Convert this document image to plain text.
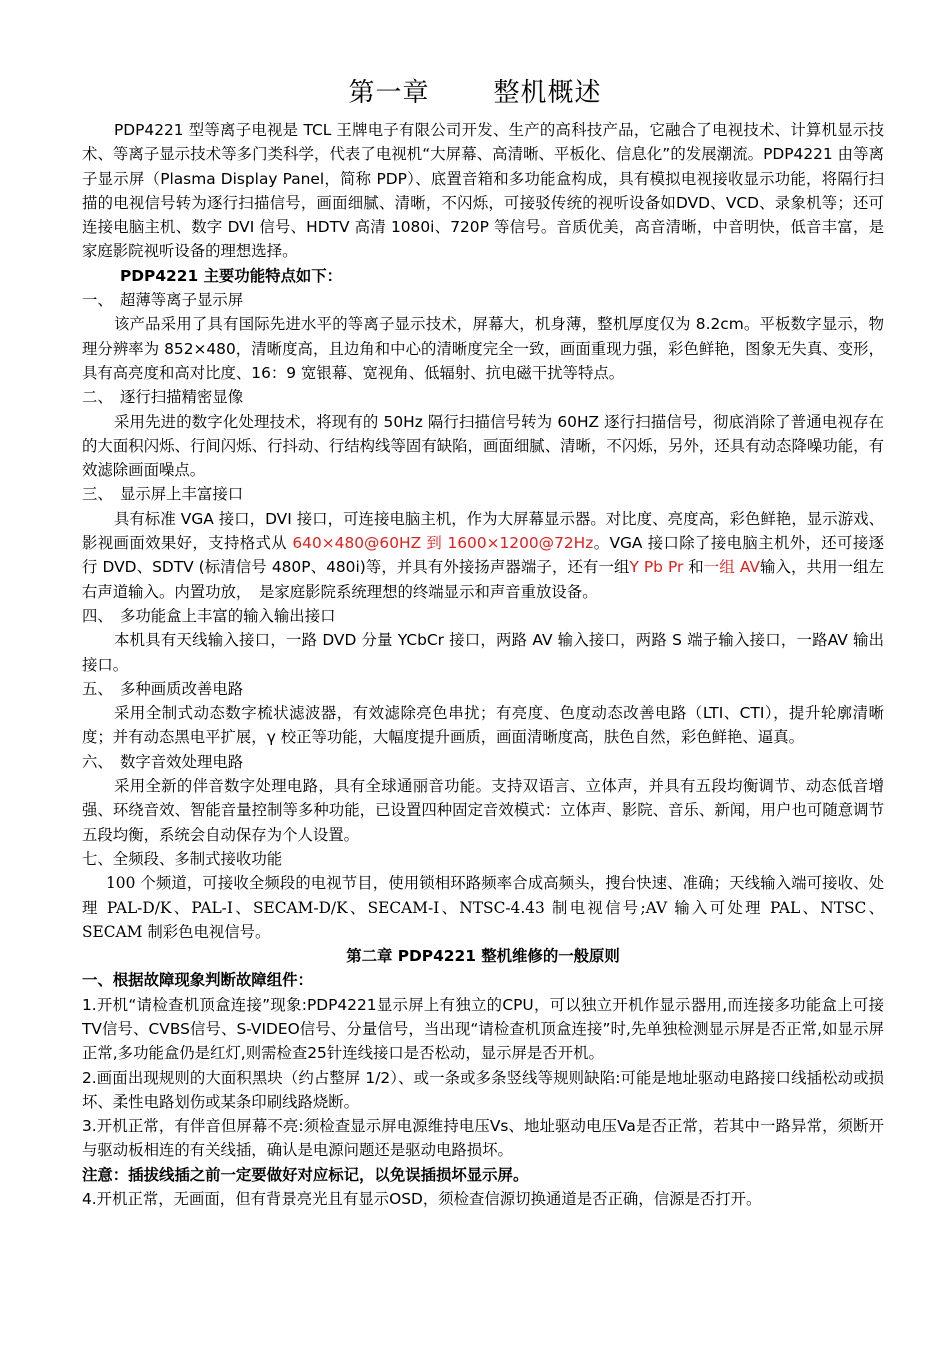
第一章 整机概述

PDP4221 型等离子电视是 TCL 王牌电子有限公司开发、生产的高科技产品，它融合了电视技术、计算机显示技术、等离子显示技术等多门类科学，代表了电视机“大屏幕、高清晰、平板化、信息化”的发展潮流。PDP4221 由等离子显示屏（Plasma Display Panel，简称 PDP）、底置音箱和多功能盒构成，具有模拟电视接收显示功能，将隔行扫描的电视信号转为逐行扫描信号，画面细腻、清晰，不闪烁，可接驳传统的视听设备如DVD、VCD、录象机等；还可连接电脑主机、数字 DVI 信号、HDTV 高清 1080i、720P 等信号。音质优美，高音清晰，中音明快，低音丰富，是家庭影院视听设备的理想选择。

PDP4221 主要功能特点如下：

一、 超薄等离子显示屏

该产品采用了具有国际先进水平的等离子显示技术，屏幕大，机身薄，整机厚度仅为 8.2cm。平板数字显示，物理分辨率为 852×480，清晰度高，且边角和中心的清晰度完全一致，画面重现力强，彩色鲜艳，图象无失真、变形，具有高亮度和高对比度、16：9 宽银幕、宽视角、低辐射、抗电磁干扰等特点。

二、 逐行扫描精密显像

采用先进的数字化处理技术，将现有的 50Hz 隔行扫描信号转为 60HZ 逐行扫描信号，彻底消除了普通电视存在的大面积闪烁、行间闪烁、行抖动、行结构线等固有缺陷，画面细腻、清晰，不闪烁，另外，还具有动态降噪功能，有效滤除画面噪点。

三、 显示屏上丰富接口

具有标准 VGA 接口，DVI 接口，可连接电脑主机，作为大屏幕显示器。对比度、亮度高，彩色鲜艳，显示游戏、影视画面效果好，支持格式从 640×480@60HZ 到 1600×1200@72Hz。VGA 接口除了接电脑主机外，还可接逐行 DVD、SDTV (标清信号 480P、480i)等，并具有外接扬声器端子，还有一组Y Pb Pr 和一组 AV输入，共用一组左右声道输入。内置功放，　是家庭影院系统理想的终端显示和声音重放设备。

四、 多功能盒上丰富的输入输出接口

本机具有天线输入接口，一路 DVD 分量 YCbCr 接口，两路 AV 输入接口，两路 S 端子输入接口，一路AV 输出接口。

五、 多种画质改善电路

采用全制式动态数字梳状滤波器，有效滤除亮色串扰；有亮度、色度动态改善电路（LTI、CTI），提升轮廓清晰度；并有动态黑电平扩展，γ 校正等功能，大幅度提升画质，画面清晰度高，肤色自然，彩色鲜艳、逼真。

六、 数字音效处理电路

采用全新的伴音数字处理电路，具有全球通丽音功能。支持双语言、立体声，并具有五段均衡调节、动态低音增强、环绕音效、智能音量控制等多种功能，已设置四种固定音效模式：立体声、影院、音乐、新闻，用户也可随意调节五段均衡，系统会自动保存为个人设置。

七、全频段、多制式接收功能

100 个频道，可接收全频段的电视节目，使用锁相环路频率合成高频头，搜台快速、准确；天线输入端可接收、处理 PAL-D/K、PAL-I、SECAM-D/K、SECAM-I、NTSC-4.43 制电视信号;AV 输入可处理 PAL、NTSC、SECAM 制彩色电视信号。

第二章 PDP4221 整机维修的一般原则

一、根据故障现象判断故障组件：

1.开机“请检查机顶盒连接”现象:PDP4221显示屏上有独立的CPU，可以独立开机作显示器用,而连接多功能盒上可接TV信号、CVBS信号、S-VIDEO信号、分量信号，当出现“请检查机顶盒连接”时,先单独检测显示屏是否正常,如显示屏正常,多功能盒仍是红灯,则需检查25针连线接口是否松动，显示屏是否开机。

2.画面出现规则的大面积黑块（约占整屏 1/2）、或一条或多条竖线等规则缺陷:可能是地址驱动电路接口线插松动或损坏、柔性电路划伤或某条印刷线路烧断。

3.开机正常，有伴音但屏幕不亮:须检查显示屏电源维持电压Vs、地址驱动电压Va是否正常，若其中一路异常，须断开与驱动板相连的有关线插，确认是电源问题还是驱动电路损坏。

注意：插拔线插之前一定要做好对应标记，以免误插损坏显示屏。

4.开机正常，无画面，但有背景亮光且有显示OSD，须检查信源切换通道是否正确，信源是否打开。
